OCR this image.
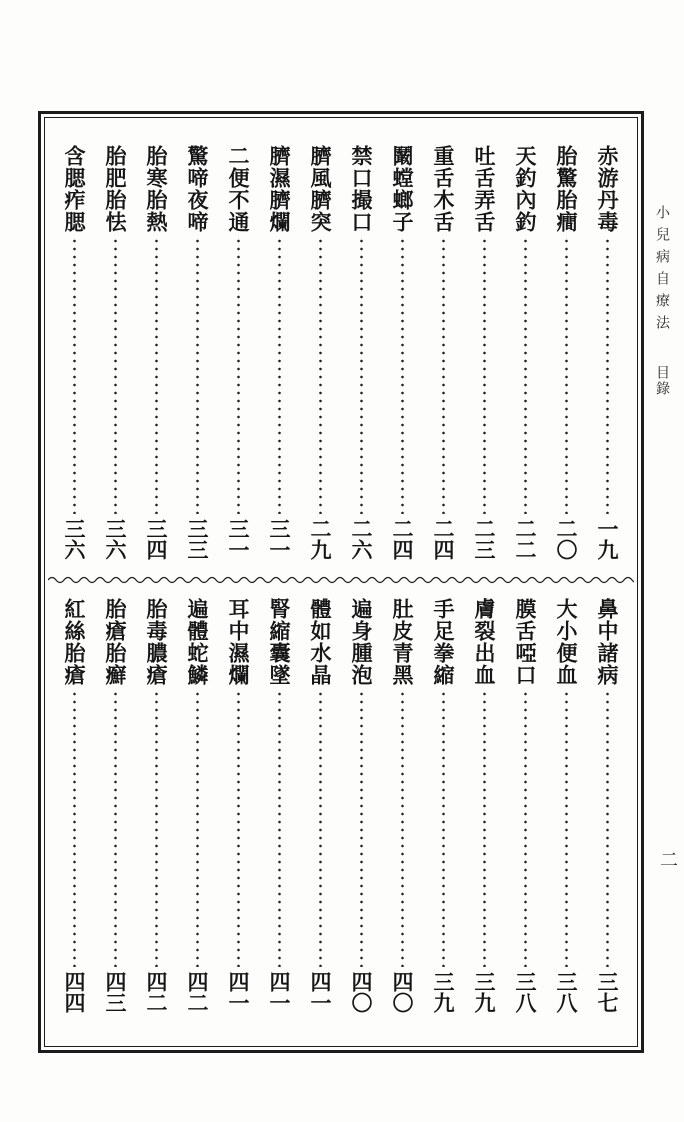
赤游丹毒
一九
胎驚胎癎
二〇
天釣內釣
二二
吐舌弄舌
二三
重舌木舌
二四
鬫螳螂子
二四
禁口撮口
二六
臍風臍突
二九
臍濕臍爛
三一
二便不通
三一
驚啼夜啼
三三
胎寒胎熱
三四
胎肥胎怯
三六
含腮痄腮
三六
鼻中諸病
三七
大小便血
三八
膜舌啞口
三八
膚裂出血
三九
手足拳縮
三九
肚皮青黑
四〇
遍身腫泡
四〇
體如水晶
四一
腎縮囊墜
四一
耳中濕爛
四一
遍體蛇鱗
四二
胎毒膿瘡
四二
胎瘡胎癬
四三
紅絲胎瘡
四四
小兒病自療法
目錄
二
